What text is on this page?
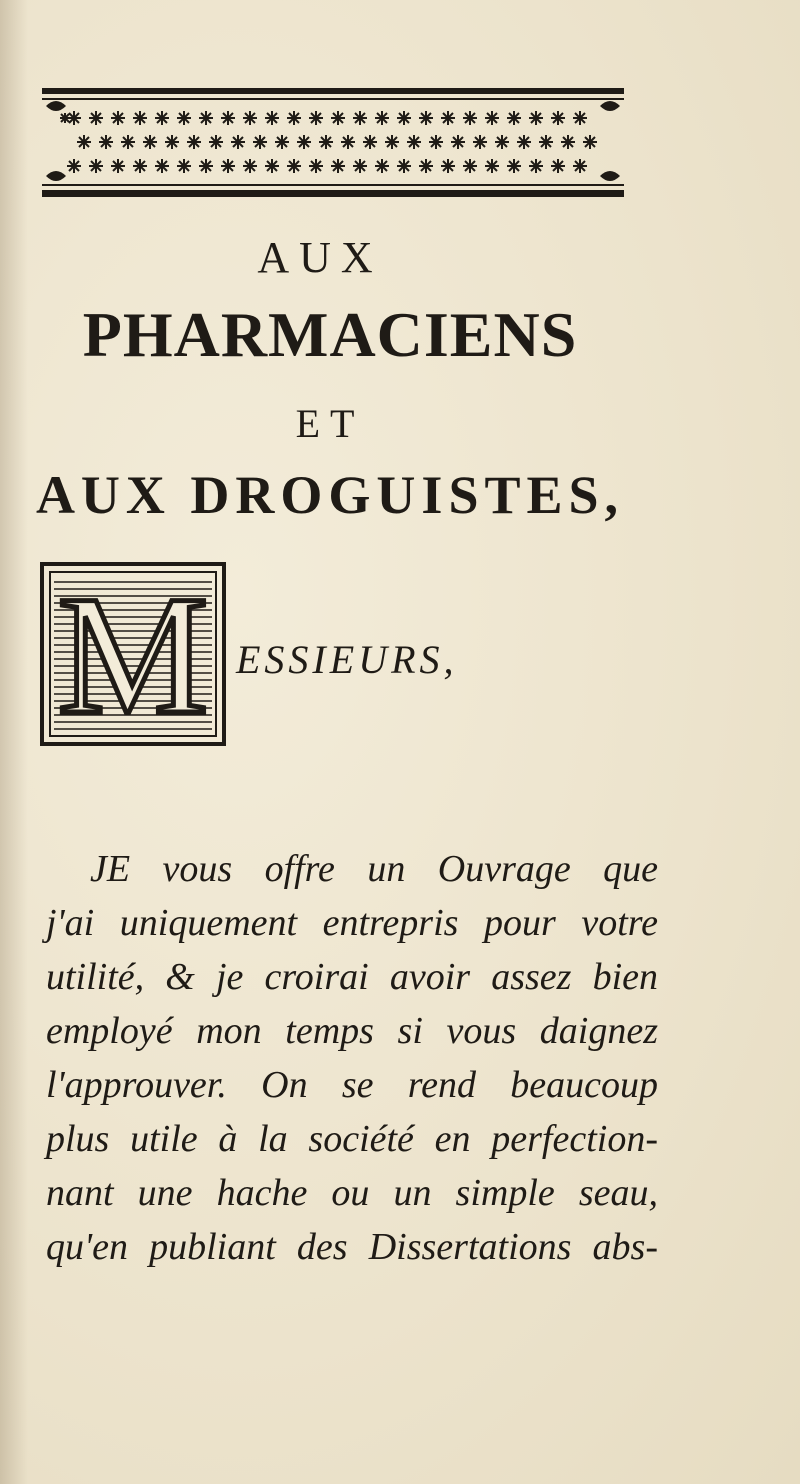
AUX
PHARMACIENS
ET
AUX DROGUISTES,
M ESSIEURS,
JE vous offre un Ouvrage que
j'ai uniquement entrepris pour votre
utilité, & je croirai avoir assez bien
employé mon temps si vous daignez
l'approuver. On se rend beaucoup
plus utile à la société en perfection-
nant une hache ou un simple seau,
qu'en publiant des Dissertations abs-
